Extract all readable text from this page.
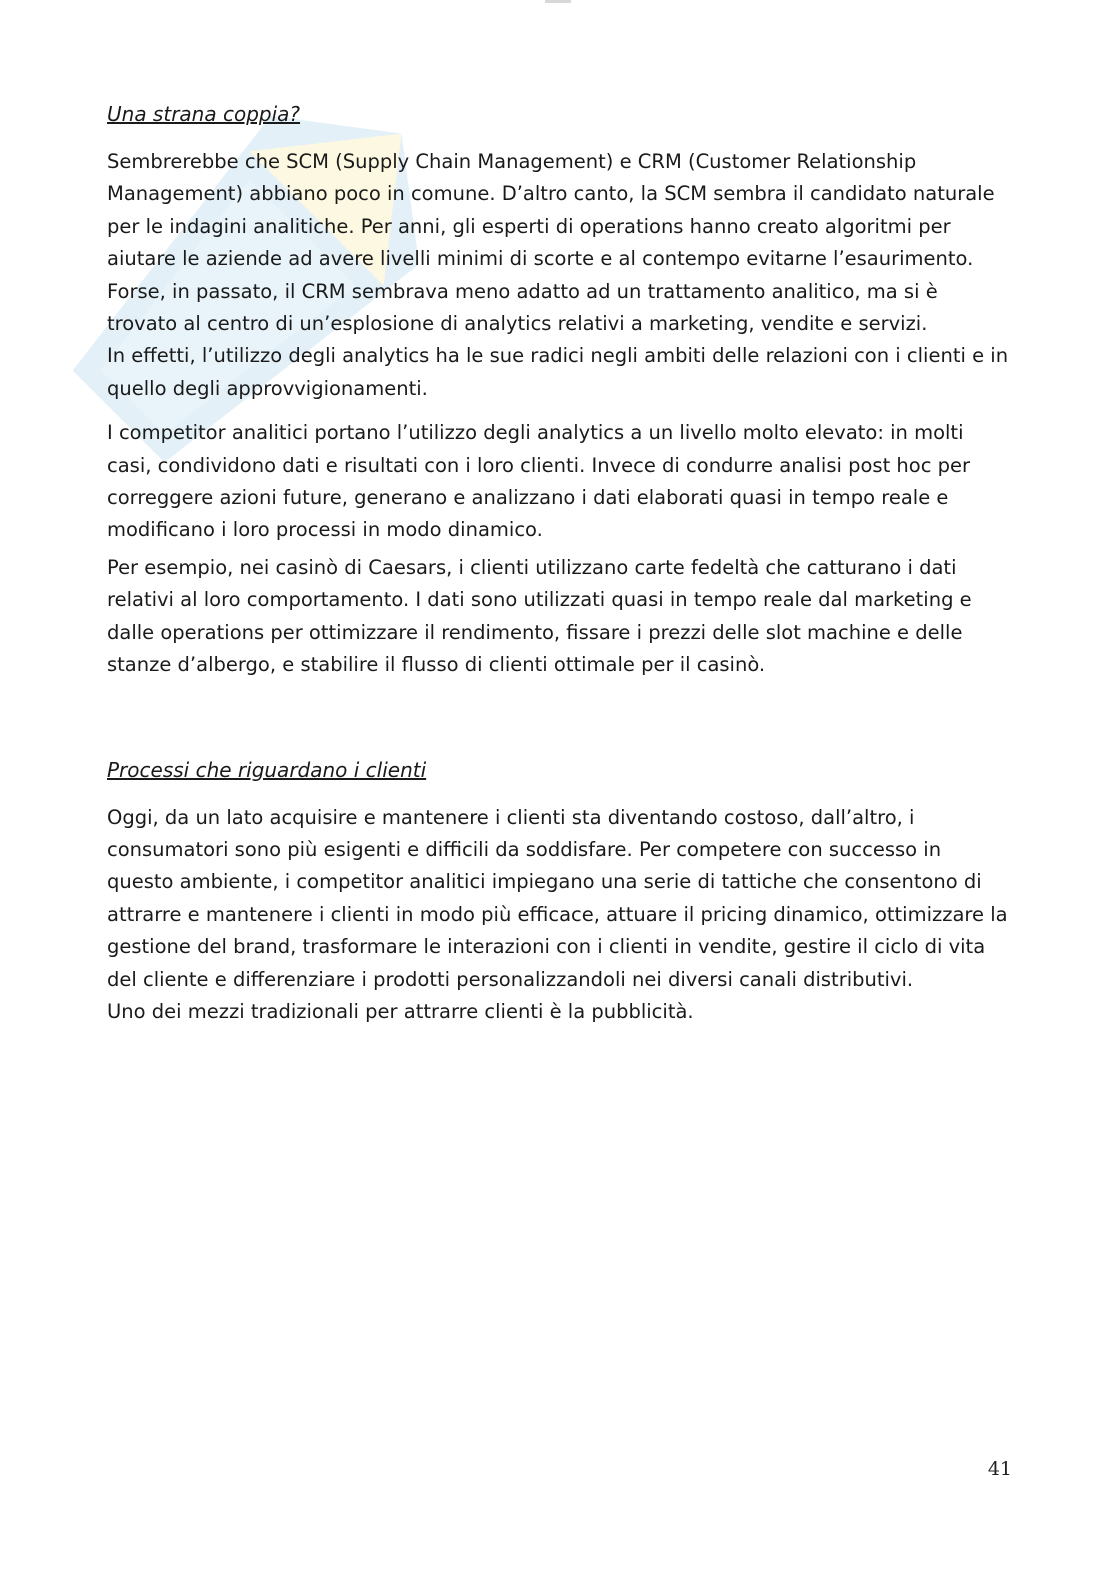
Una strana coppia?

Sembrerebbe che SCM (Supply Chain Management) e CRM (Customer Relationship Management) abbiano poco in comune. D’altro canto, la SCM sembra il candidato naturale per le indagini analitiche. Per anni, gli esperti di operations hanno creato algoritmi per aiutare le aziende ad avere livelli minimi di scorte e al contempo evitarne l’esaurimento. Forse, in passato, il CRM sembrava meno adatto ad un trattamento analitico, ma si è trovato al centro di un’esplosione di analytics relativi a marketing, vendite e servizi.

In effetti, l’utilizzo degli analytics ha le sue radici negli ambiti delle relazioni con i clienti e in quello degli approvvigionamenti.

I competitor analitici portano l’utilizzo degli analytics a un livello molto elevato: in molti casi, condividono dati e risultati con i loro clienti. Invece di condurre analisi post hoc per correggere azioni future, generano e analizzano i dati elaborati quasi in tempo reale e modificano i loro processi in modo dinamico.

Per esempio, nei casinò di Caesars, i clienti utilizzano carte fedeltà che catturano i dati relativi al loro comportamento. I dati sono utilizzati quasi in tempo reale dal marketing e dalle operations per ottimizzare il rendimento, fissare i prezzi delle slot machine e delle stanze d’albergo, e stabilire il flusso di clienti ottimale per il casinò.

Processi che riguardano i clienti

Oggi, da un lato acquisire e mantenere i clienti sta diventando costoso, dall’altro, i consumatori sono più esigenti e difficili da soddisfare. Per competere con successo in questo ambiente, i competitor analitici impiegano una serie di tattiche che consentono di attrarre e mantenere i clienti in modo più efficace, attuare il pricing dinamico, ottimizzare la gestione del brand, trasformare le interazioni con i clienti in vendite, gestire il ciclo di vita del cliente e differenziare i prodotti personalizzandoli nei diversi canali distributivi.

Uno dei mezzi tradizionali per attrarre clienti è la pubblicità.

41
